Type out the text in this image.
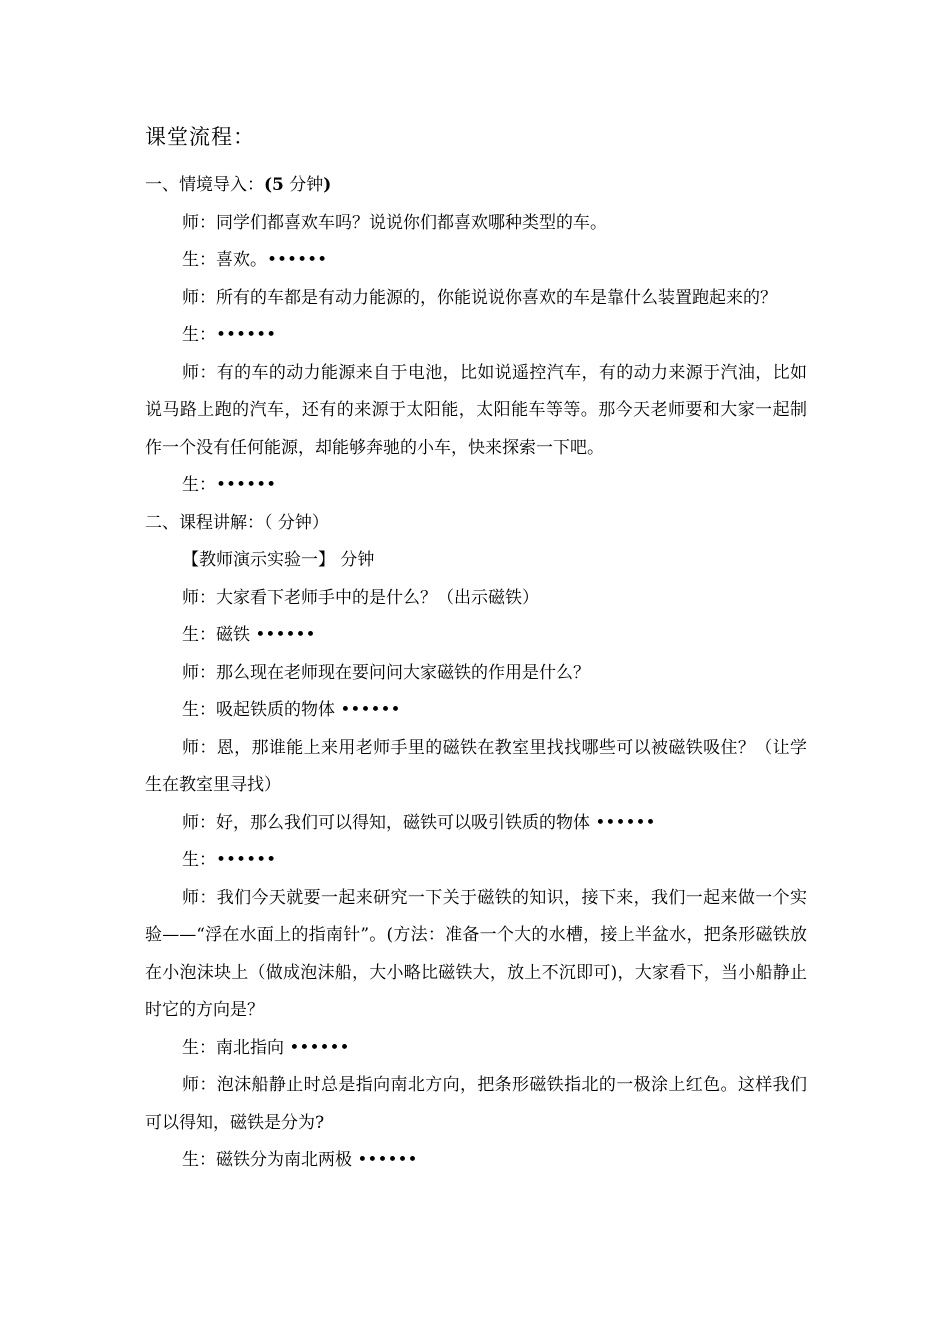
课堂流程：
一、情境导入：(5 分钟)
师：同学们都喜欢车吗？说说你们都喜欢哪种类型的车。
生：喜欢。••••••
师：所有的车都是有动力能源的，你能说说你喜欢的车是靠什么装置跑起来的？
生：••••••
师：有的车的动力能源来自于电池，比如说遥控汽车，有的动力来源于汽油，比如说马路上跑的汽车，还有的来源于太阳能，太阳能车等等。那今天老师要和大家一起制作一个没有任何能源，却能够奔驰的小车，快来探索一下吧。
生：••••••
二、课程讲解：（ 分钟）
【教师演示实验一】 分钟
师：大家看下老师手中的是什么？（出示磁铁）
生：磁铁 ••••••
师：那么现在老师现在要问问大家磁铁的作用是什么？
生：吸起铁质的物体 ••••••
师：恩，那谁能上来用老师手里的磁铁在教室里找找哪些可以被磁铁吸住？（让学生在教室里寻找）
师：好，那么我们可以得知，磁铁可以吸引铁质的物体 ••••••
生：••••••
师：我们今天就要一起来研究一下关于磁铁的知识，接下来，我们一起来做一个实验——“浮在水面上的指南针”。(方法：准备一个大的水槽，接上半盆水，把条形磁铁放在小泡沫块上（做成泡沫船，大小略比磁铁大，放上不沉即可)，大家看下，当小船静止时它的方向是？
生：南北指向 ••••••
师：泡沫船静止时总是指向南北方向，把条形磁铁指北的一极涂上红色。这样我们可以得知，磁铁是分为?
生：磁铁分为南北两极 ••••••
